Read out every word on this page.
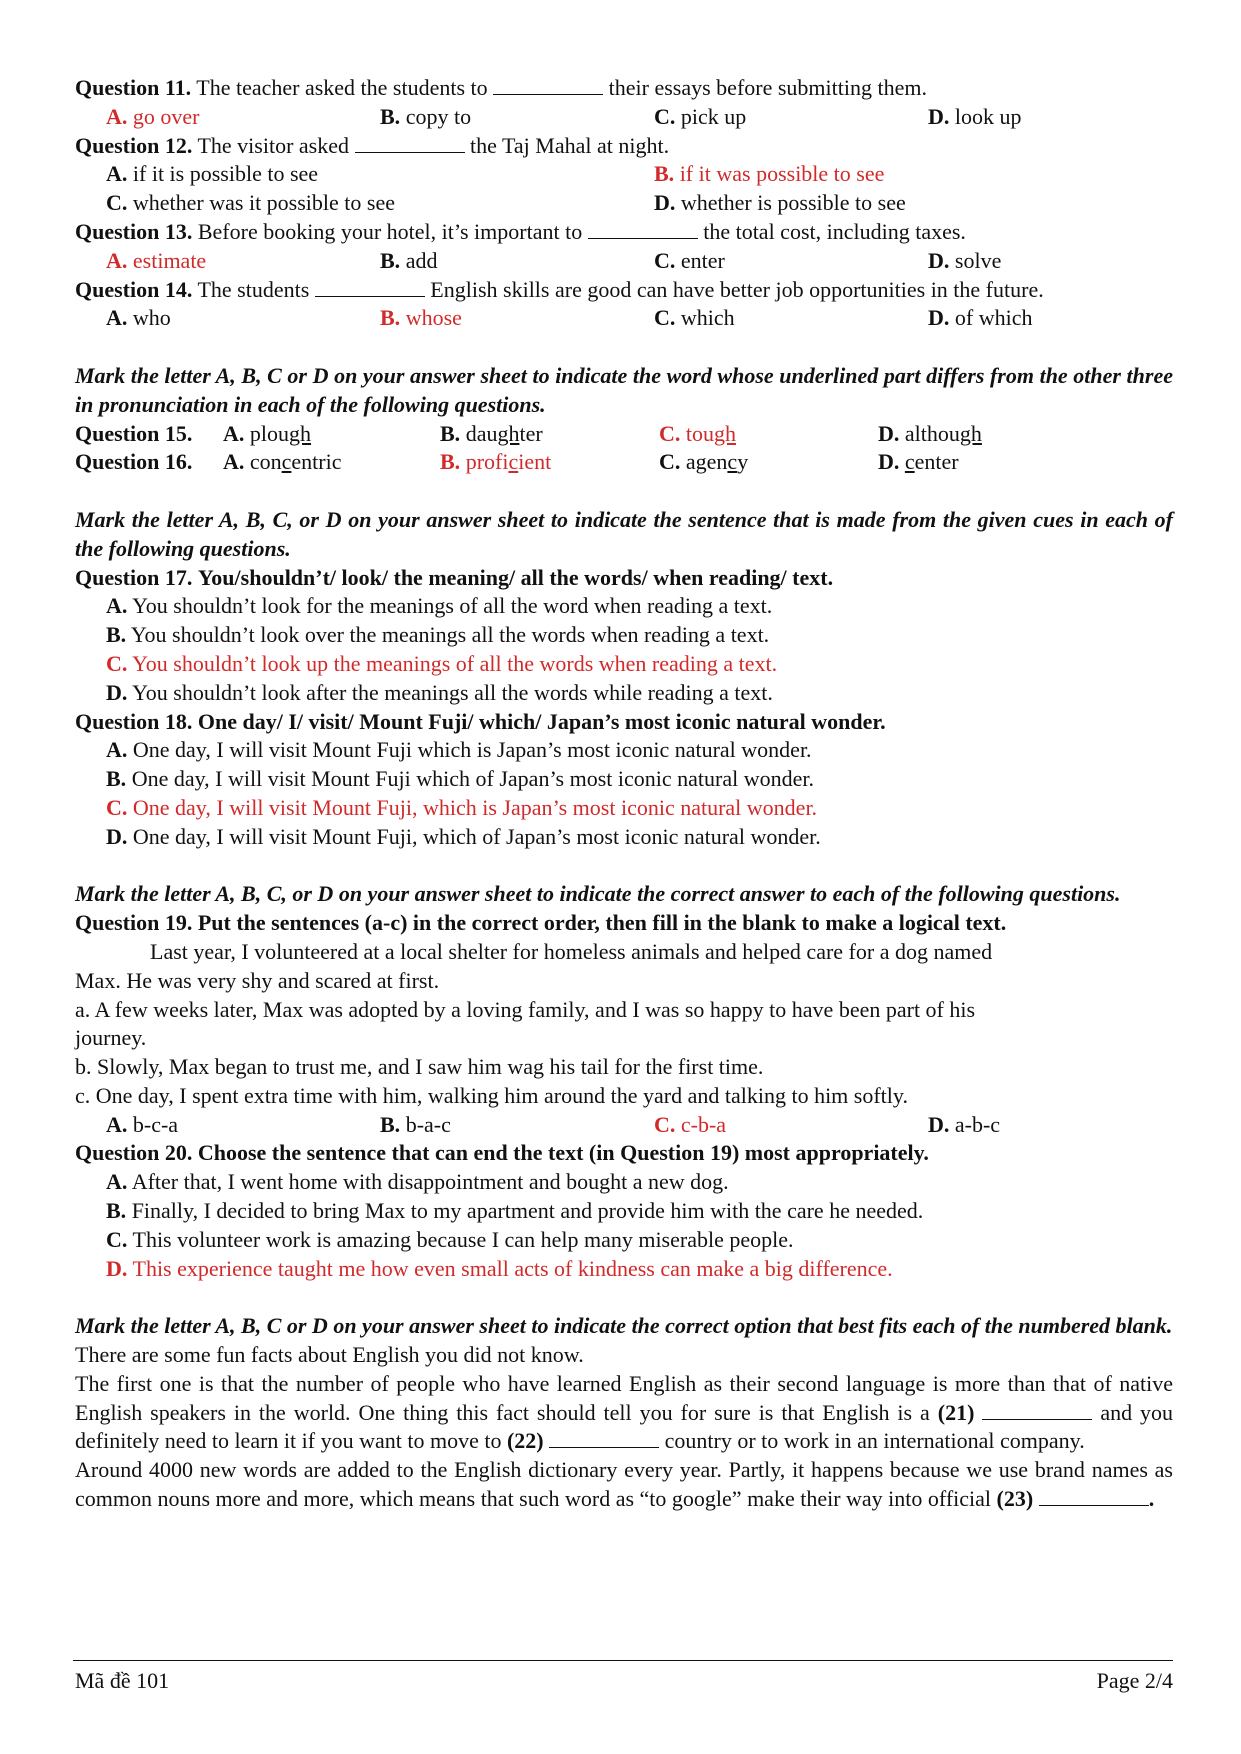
Question 11. The teacher asked the students to	their essays before submitting them.
A. go over	B. copy to	C. pick up	D. look up
Question 12. The visitor asked	the Taj Mahal at night.
A. if it is possible to see	B. if it was possible to see
C. whether was it possible to see	D. whether is possible to see
Question 13. Before booking your hotel, it’s important to	the total cost, including taxes.
A. estimate	B. add	C. enter	D. solve
Question 14. The students	English skills are good can have better job opportunities in the future.
A. who	B. whose	C. which	D. of which
Mark the letter A, B, C or D on your answer sheet to indicate the word whose underlined part differs from the other three in pronunciation in each of the following questions.
Question 15. A. plough	B. daughter	C. tough	D. although
Question 16. A. concentric	B. proficient	C. agency	D. center
Mark the letter A, B, C, or D on your answer sheet to indicate the sentence that is made from the given cues in each of the following questions.
Question 17. You/shouldn’t/ look/ the meaning/ all the words/ when reading/ text.
A. You shouldn’t look for the meanings of all the word when reading a text.
B. You shouldn’t look over the meanings all the words when reading a text.
C. You shouldn’t look up the meanings of all the words when reading a text.
D. You shouldn’t look after the meanings all the words while reading a text.
Question 18. One day/ I/ visit/ Mount Fuji/ which/ Japan’s most iconic natural wonder.
A. One day, I will visit Mount Fuji which is Japan’s most iconic natural wonder.
B. One day, I will visit Mount Fuji which of Japan’s most iconic natural wonder.
C. One day, I will visit Mount Fuji, which is Japan’s most iconic natural wonder.
D. One day, I will visit Mount Fuji, which of Japan’s most iconic natural wonder.
Mark the letter A, B, C, or D on your answer sheet to indicate the correct answer to each of the following questions.
Question 19. Put the sentences (a-c) in the correct order, then fill in the blank to make a logical text.
Last year, I volunteered at a local shelter for homeless animals and helped care for a dog named
Max. He was very shy and scared at first.
a. A few weeks later, Max was adopted by a loving family, and I was so happy to have been part of his
journey.
b. Slowly, Max began to trust me, and I saw him wag his tail for the first time.
c. One day, I spent extra time with him, walking him around the yard and talking to him softly.
A. b-c-a	B. b-a-c	C. c-b-a	D. a-b-c
Question 20. Choose the sentence that can end the text (in Question 19) most appropriately.
A. After that, I went home with disappointment and bought a new dog.
B. Finally, I decided to bring Max to my apartment and provide him with the care he needed.
C. This volunteer work is amazing because I can help many miserable people.
D. This experience taught me how even small acts of kindness can make a big difference.
Mark the letter A, B, C or D on your answer sheet to indicate the correct option that best fits each of the numbered blank.
There are some fun facts about English you did not know.
The first one is that the number of people who have learned English as their second language is more than that of native English speakers in the world. One thing this fact should tell you for sure is that English is a (21)	and you definitely need to learn it if you want to move to (22)	country or to work in an international company.
Around 4000 new words are added to the English dictionary every year. Partly, it happens because we use brand names as common nouns more and more, which means that such word as “to google” make their way into official (23)	.
Mã đề 101	Page 2/4
